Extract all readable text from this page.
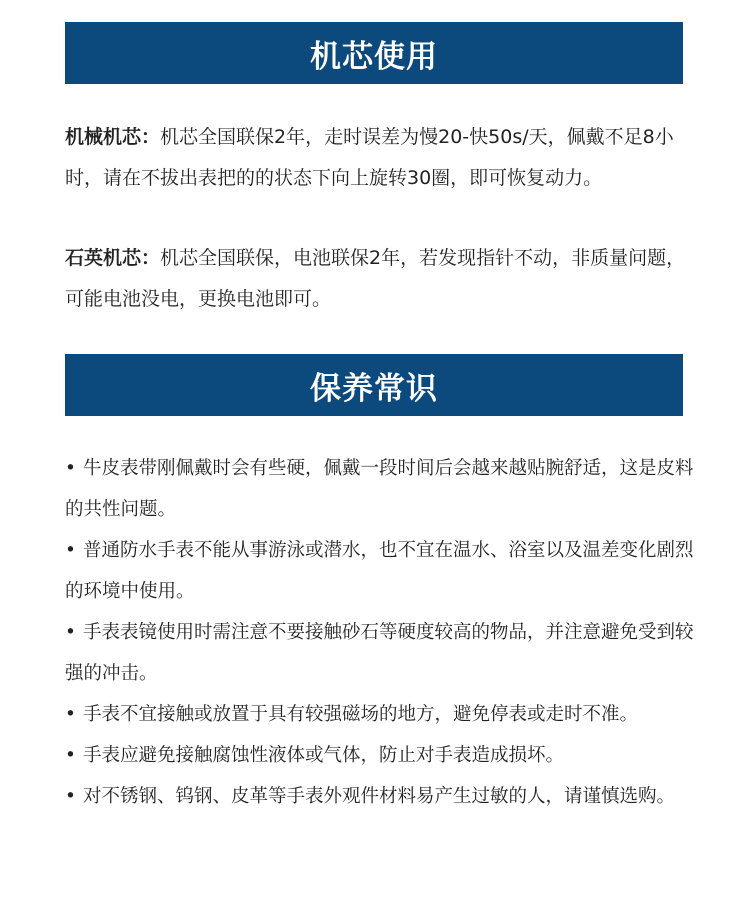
机芯使用

机械机芯：机芯全国联保2年，走时误差为慢20-快50s/天，佩戴不足8小时，请在不拔出表把的的状态下向上旋转30圈，即可恢复动力。

石英机芯：机芯全国联保，电池联保2年，若发现指针不动，非质量问题，可能电池没电，更换电池即可。

保养常识
• 牛皮表带刚佩戴时会有些硬，佩戴一段时间后会越来越贴腕舒适，这是皮料的共性问题。
• 普通防水手表不能从事游泳或潜水，也不宜在温水、浴室以及温差变化剧烈的环境中使用。
• 手表表镜使用时需注意不要接触砂石等硬度较高的物品，并注意避免受到较强的冲击。
• 手表不宜接触或放置于具有较强磁场的地方，避免停表或走时不准。
• 手表应避免接触腐蚀性液体或气体，防止对手表造成损坏。
• 对不锈钢、钨钢、皮革等手表外观件材料易产生过敏的人，请谨慎选购。
